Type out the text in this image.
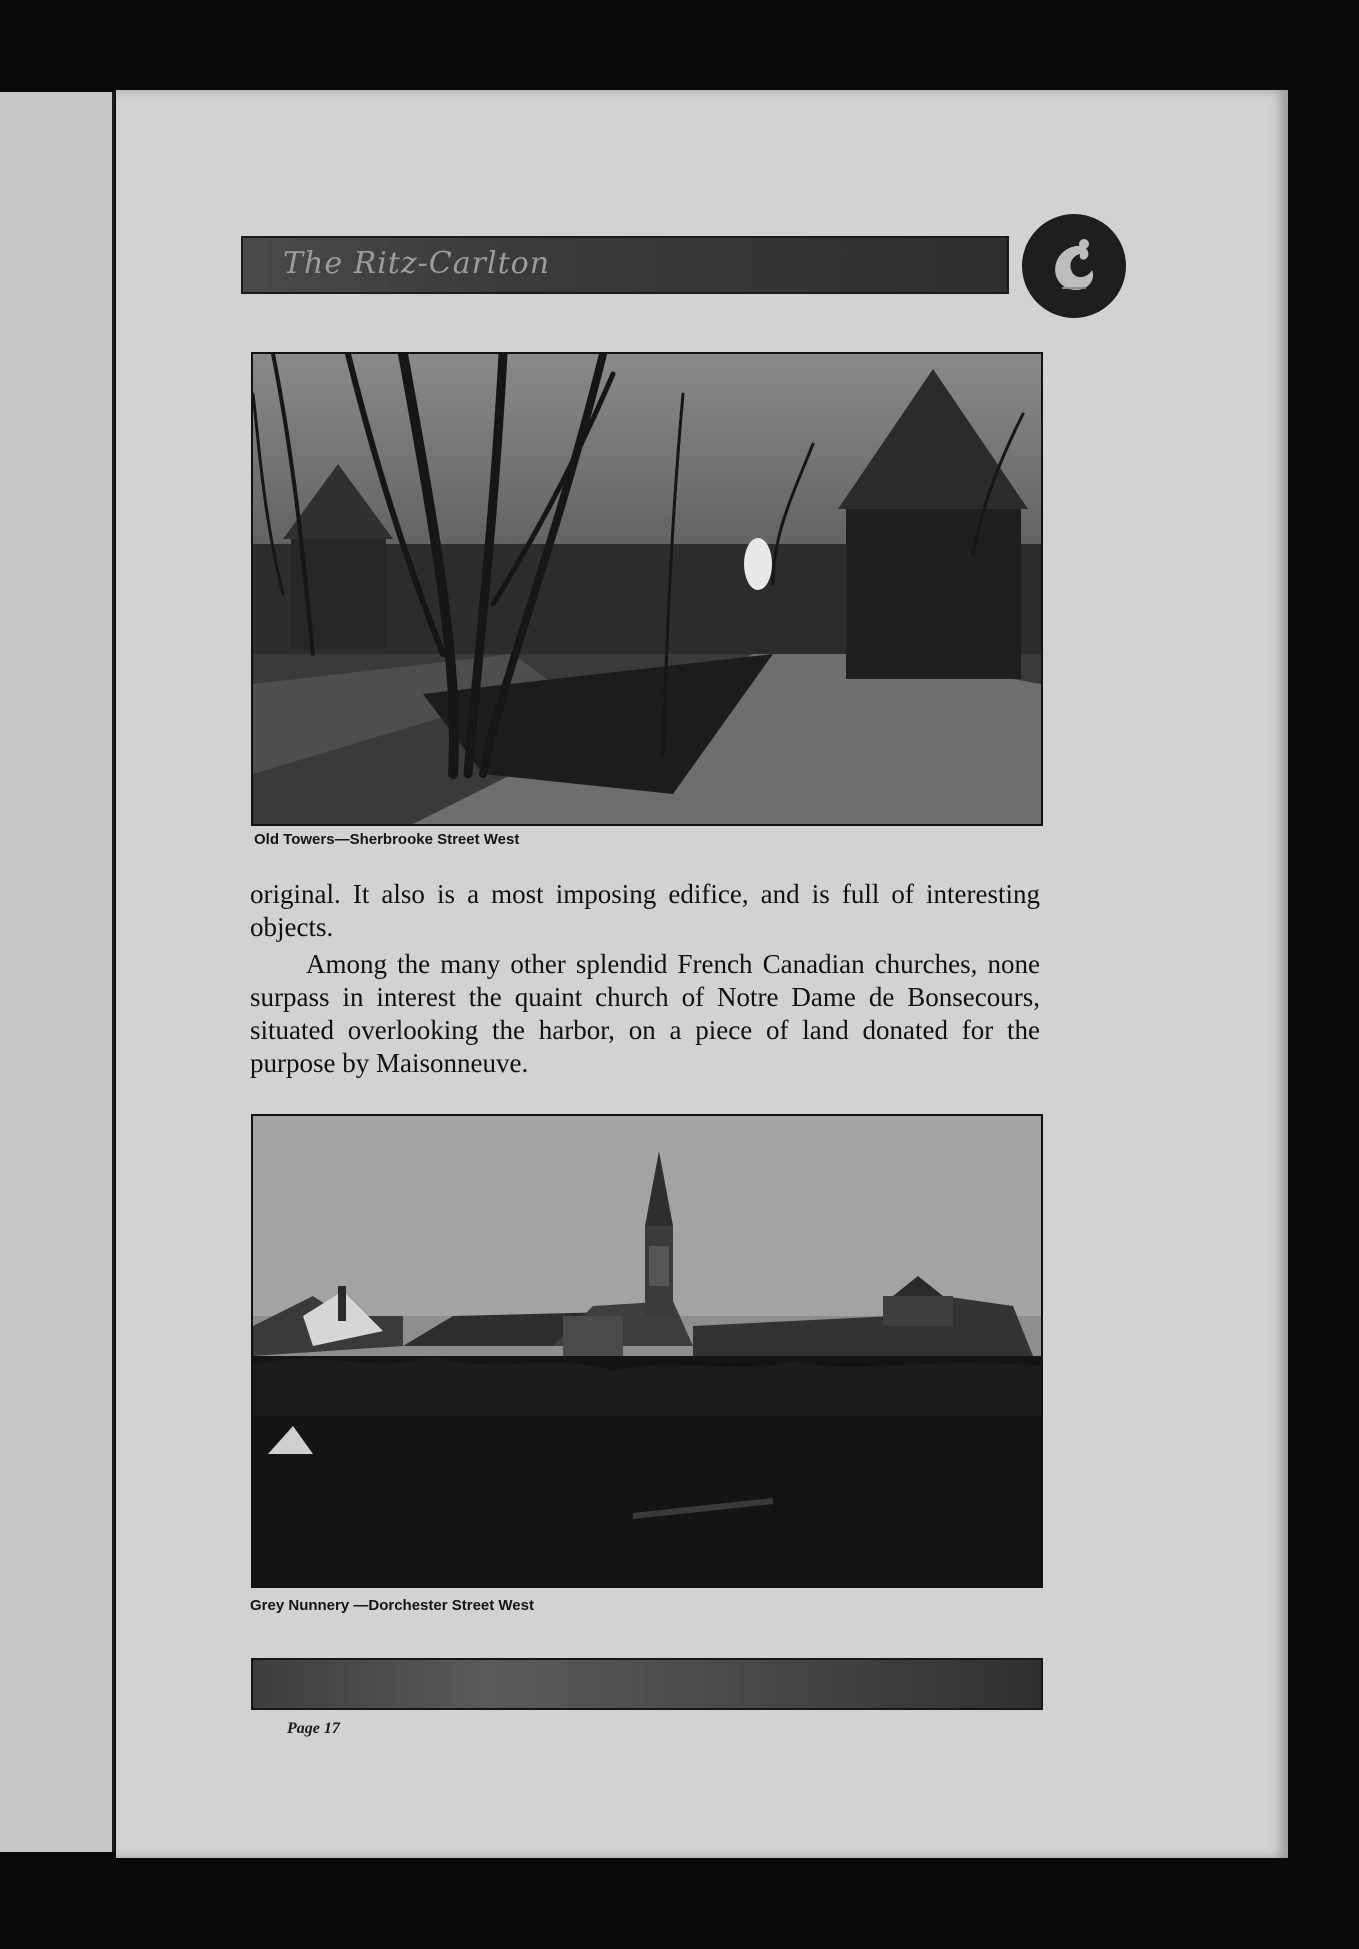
The Ritz-Carlton
Old Towers—Sherbrooke Street West

original. It also is a most imposing edifice, and is full of interesting objects.

Among the many other splendid French Canadian churches, none surpass in interest the quaint church of Notre Dame de Bonsecours, situated overlooking the harbor, on a piece of land donated for the purpose by Maisonneuve.

Grey Nunnery —Dorchester Street West
Page 17
